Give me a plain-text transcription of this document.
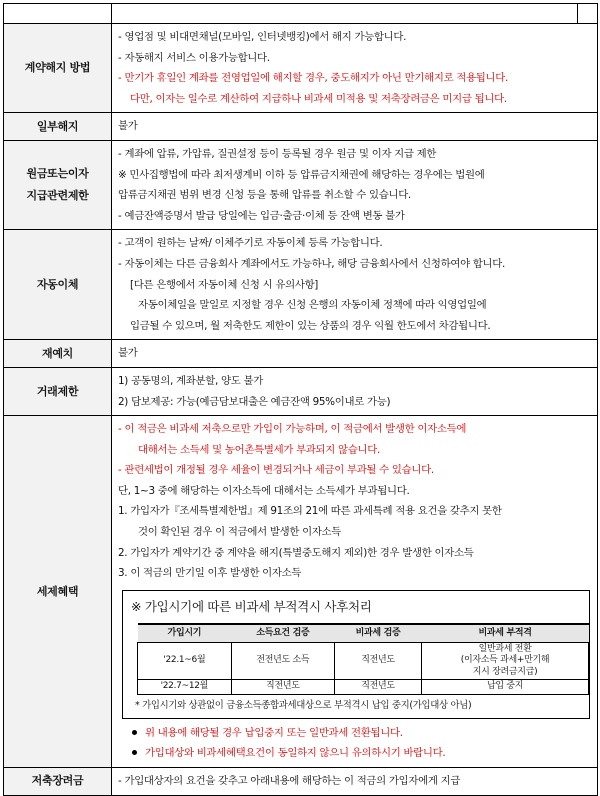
계약해지 방법	
- 영업점 및 비대면채널(모바일, 인터넷뱅킹)에서 해지 가능합니다.
- 자동해지 서비스 이용가능합니다.
- 만기가 휴일인 계좌를 전영업일에 해지할 경우, 중도해지가 아닌 만기해지로 적용됩니다.
다만, 이자는 일수로 계산하여 지급하나 비과세 미적용 및 저축장려금은 미지급 됩니다.

일부해지	불가

원금또는이자
지급관련제한

- 계좌에 압류, 가압류, 질권설정 등이 등록될 경우 원금 및 이자 지급 제한
※ 민사집행법에 따라 최저생계비 이하 등 압류금지채권에 해당하는 경우에는 법원에
압류금지채권 범위 변경 신청 등을 통해 압류를 취소할 수 있습니다.
- 예금잔액증명서 발급 당일에는 입금·출금·이체 등 잔액 변동 불가

자동이체	
- 고객이 원하는 날짜/ 이체주기로 자동이체 등록 가능합니다.
- 자동이체는 다른 금융회사 계좌에서도 가능하나, 해당 금융회사에서 신청하여야 합니다.
[다른 은행에서 자동이체 신청 시 유의사항]
자동이체일을 말일로 지정할 경우 신청 은행의 자동이체 정책에 따라 익영업일에
입금될 수 있으며, 월 저축한도 제한이 있는 상품의 경우 익월 한도에서 차감됩니다.

재예치	불가

거래제한	
1) 공동명의, 계좌분할, 양도 불가
2) 담보제공: 가능(예금담보대출은 예금잔액 95%이내로 가능)

세제혜택	
- 이 적금은 비과세 저축으로만 가입이 가능하며, 이 적금에서 발생한 이자소득에
대해서는 소득세 및 농어촌특별세가 부과되지 않습니다.
- 관련세법이 개정될 경우 세율이 변경되거나 세금이 부과될 수 있습니다.
단, 1~3 중에 해당하는 이자소득에 대해서는 소득세가 부과됩니다.
1. 가입자가『조세특별제한법』제 91조의 21에 따른 과세특례 적용 요건을 갖추지 못한
것이 확인된 경우 이 적금에서 발생한 이자소득
2. 가입자가 계약기간 중 계약을 해지(특별중도해지 제외)한 경우 발생한 이자소득
3. 이 적금의 만기일 이후 발생한 이자소득
※ 가입시기에 따른 비과세 부적격시 사후처리
가입시기	소득요건 검증	비과세 검증	비과세 부적격
'22.1~6월	전전년도 소득	직전년도	일반과세 전환
(이자소득 과세+만기해
지시 장려금지급)
'22.7~12월	직전년도	직전년도	납입 중지
* 가입시기와 상관없이 금융소득종합과세대상으로 부적격시 납입 중지(가입대상 아님)
위 내용에 해당될 경우 납입중지 또는 일반과세 전환됩니다.
가입대상와 비과세혜택요건이 동일하지 않으니 유의하시기 바랍니다.

저축장려금	- 가입대상자의 요건을 갖추고 아래내용에 해당하는 이 적금의 가입자에게 지급
